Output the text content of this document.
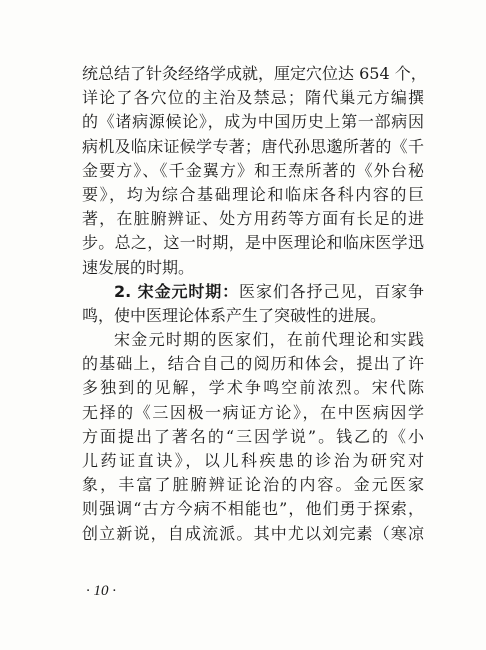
统总结了针灸经络学成就，厘定穴位达 654 个，
详论了各穴位的主治及禁忌；隋代巢元方编撰
的《诸病源候论》，成为中国历史上第一部病因
病机及临床证候学专著；唐代孙思邈所著的《千
金要方》、《千金翼方》和王焘所著的《外台秘
要》，均为综合基础理论和临床各科内容的巨
著，在脏腑辨证、处方用药等方面有长足的进
步。总之，这一时期，是中医理论和临床医学迅
速发展的时期。
2. 宋金元时期：医家们各抒己见，百家争
鸣，使中医理论体系产生了突破性的进展。
宋金元时期的医家们，在前代理论和实践
的基础上，结合自己的阅历和体会，提出了许
多独到的见解，学术争鸣空前浓烈。宋代陈
无择的《三因极一病证方论》，在中医病因学
方面提出了著名的“三因学说”。钱乙的《小
儿药证直诀》，以儿科疾患的诊治为研究对
象，丰富了脏腑辨证论治的内容。金元医家
则强调“古方今病不相能也”，他们勇于探索，
创立新说，自成流派。其中尤以刘完素（寒凉
· 10 ·
